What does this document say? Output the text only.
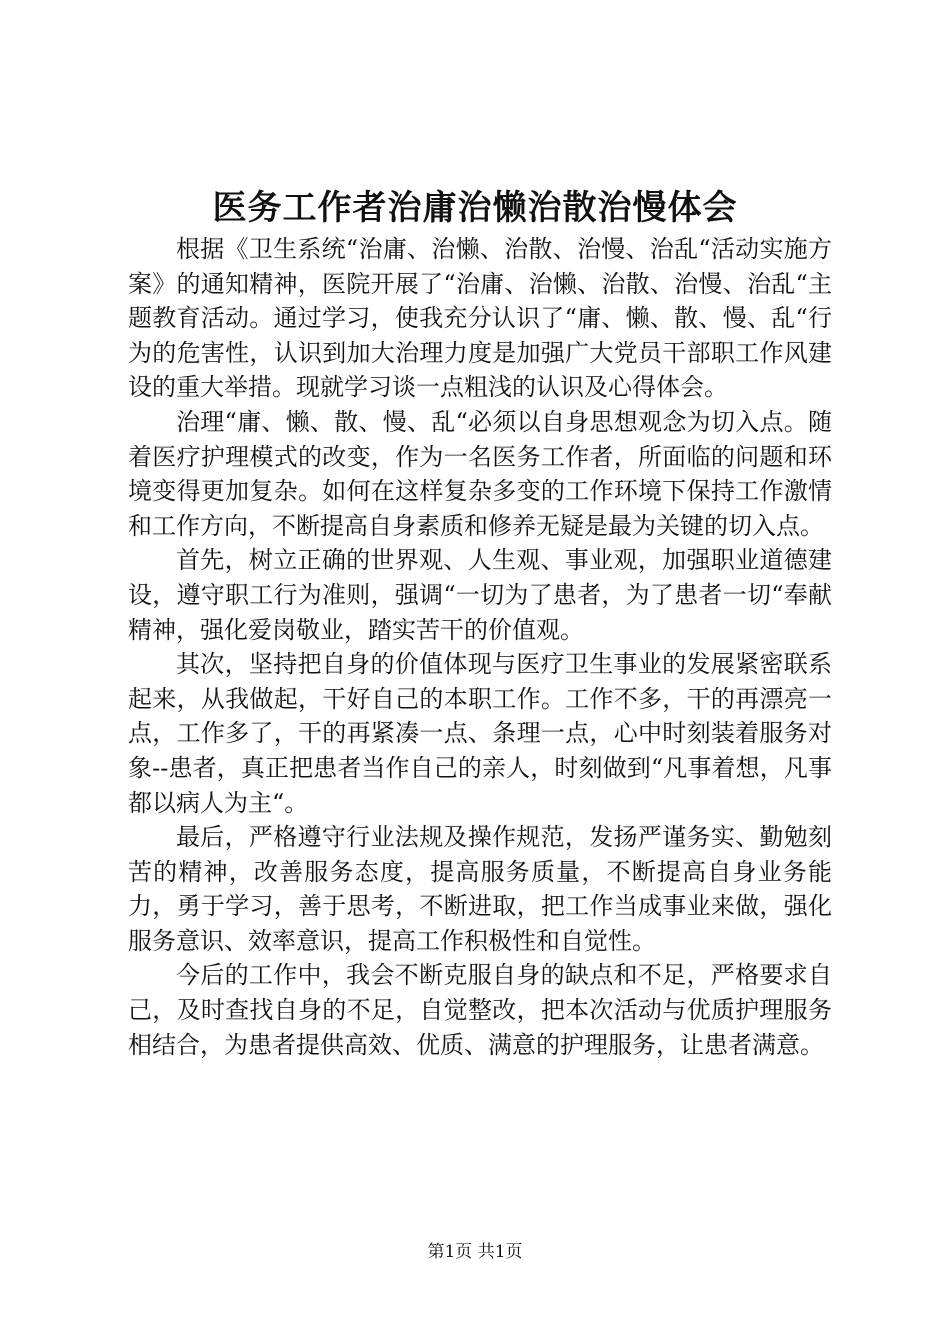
医务工作者治庸治懒治散治慢体会

根据《卫生系统“治庸、治懒、治散、治慢、治乱“活动实施方案》的通知精神，医院开展了“治庸、治懒、治散、治慢、治乱“主题教育活动。通过学习，使我充分认识了“庸、懒、散、慢、乱“行为的危害性，认识到加大治理力度是加强广大党员干部职工作风建设的重大举措。现就学习谈一点粗浅的认识及心得体会。

治理“庸、懒、散、慢、乱“必须以自身思想观念为切入点。随着医疗护理模式的改变，作为一名医务工作者，所面临的问题和环境变得更加复杂。如何在这样复杂多变的工作环境下保持工作激情和工作方向，不断提高自身素质和修养无疑是最为关键的切入点。

首先，树立正确的世界观、人生观、事业观，加强职业道德建设，遵守职工行为准则，强调“一切为了患者，为了患者一切“奉献精神，强化爱岗敬业，踏实苦干的价值观。

其次，坚持把自身的价值体现与医疗卫生事业的发展紧密联系起来，从我做起，干好自己的本职工作。工作不多，干的再漂亮一点，工作多了，干的再紧凑一点、条理一点，心中时刻装着服务对象--患者，真正把患者当作自己的亲人，时刻做到“凡事着想，凡事都以病人为主“。

最后，严格遵守行业法规及操作规范，发扬严谨务实、勤勉刻苦的精神，改善服务态度，提高服务质量，不断提高自身业务能力，勇于学习，善于思考，不断进取，把工作当成事业来做，强化服务意识、效率意识，提高工作积极性和自觉性。

今后的工作中，我会不断克服自身的缺点和不足，严格要求自己，及时查找自身的不足，自觉整改，把本次活动与优质护理服务相结合，为患者提供高效、优质、满意的护理服务，让患者满意。

第1页 共1页
